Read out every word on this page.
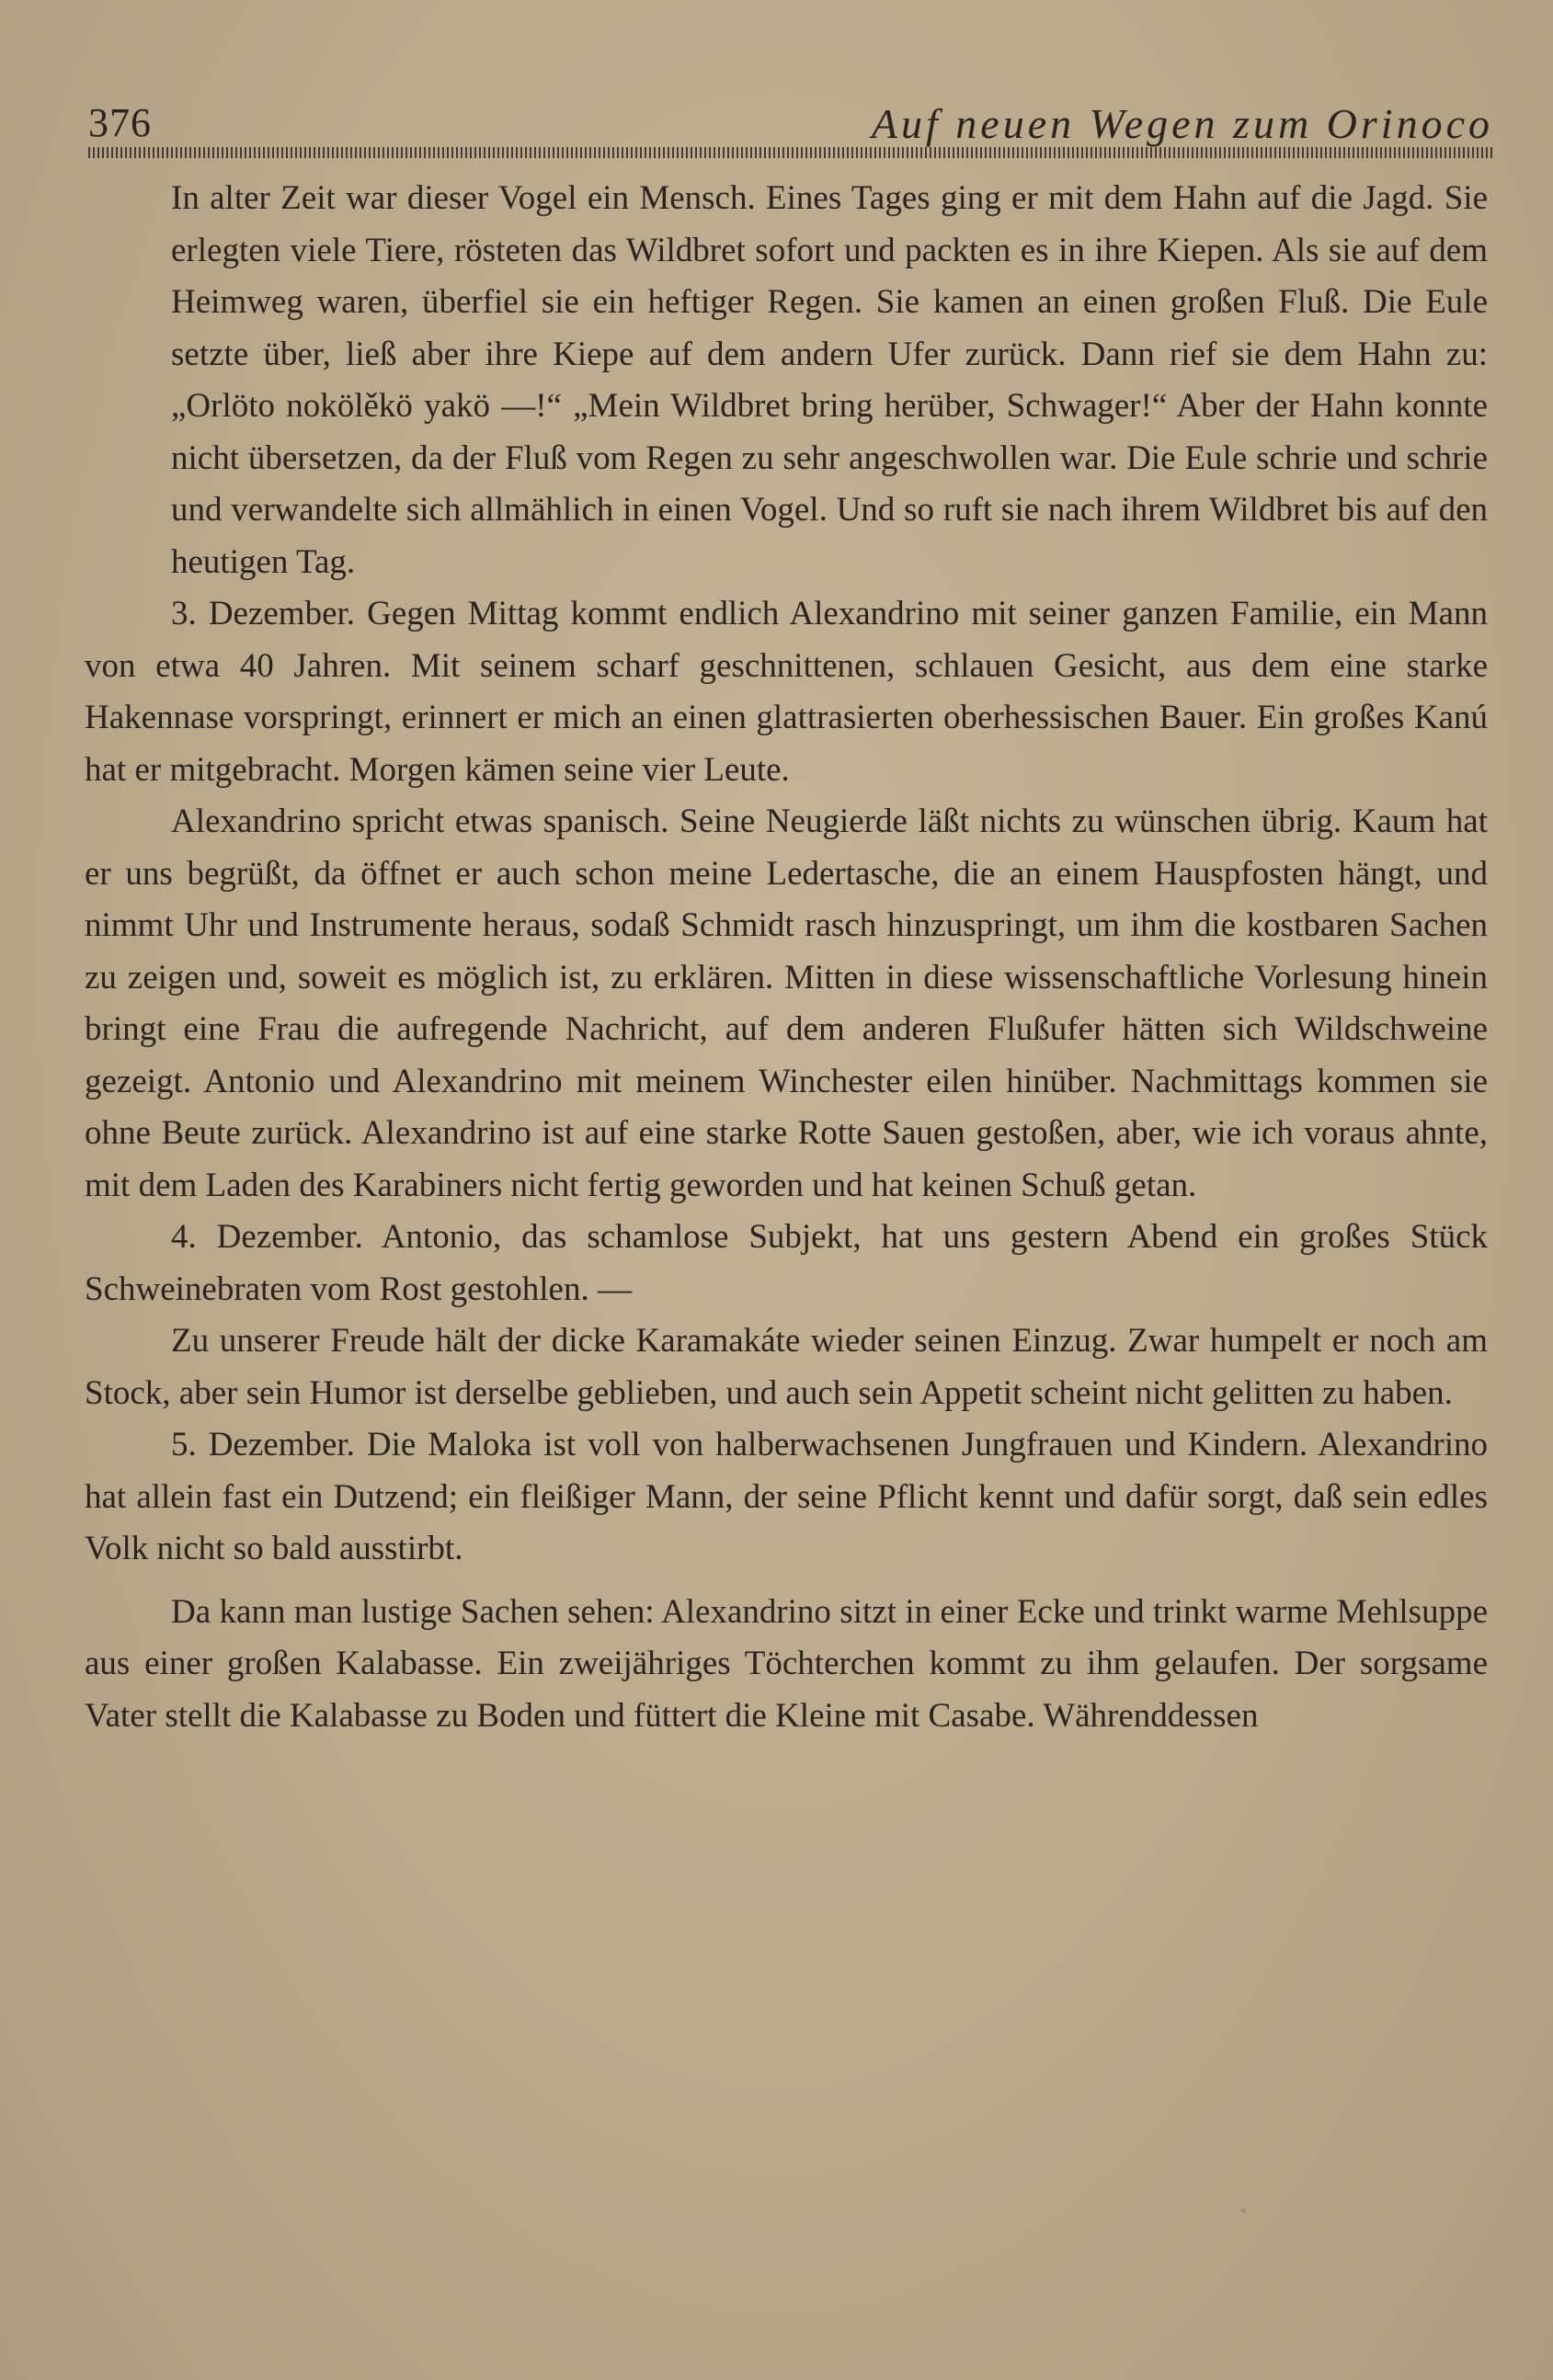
376	Auf neuen Wegen zum Orinoco

In alter Zeit war dieser Vogel ein Mensch. Eines Tages ging er mit dem Hahn auf die Jagd. Sie erlegten viele Tiere, rösteten das Wildbret sofort und packten es in ihre Kiepen. Als sie auf dem Heimweg waren, überfiel sie ein heftiger Regen. Sie kamen an einen großen Fluß. Die Eule setzte über, ließ aber ihre Kiepe auf dem andern Ufer zurück. Dann rief sie dem Hahn zu: „Orlöto nokölěkö yakö —!“ „Mein Wildbret bring herüber, Schwager!“ Aber der Hahn konnte nicht übersetzen, da der Fluß vom Regen zu sehr angeschwollen war. Die Eule schrie und schrie und verwandelte sich allmählich in einen Vogel. Und so ruft sie nach ihrem Wildbret bis auf den heutigen Tag.

3. Dezember. Gegen Mittag kommt endlich Alexandrino mit seiner ganzen Familie, ein Mann von etwa 40 Jahren. Mit seinem scharf geschnittenen, schlauen Gesicht, aus dem eine starke Hakennase vorspringt, erinnert er mich an einen glattrasierten oberhessischen Bauer. Ein großes Kanú hat er mitgebracht. Morgen kämen seine vier Leute.

Alexandrino spricht etwas spanisch. Seine Neugierde läßt nichts zu wünschen übrig. Kaum hat er uns begrüßt, da öffnet er auch schon meine Ledertasche, die an einem Hauspfosten hängt, und nimmt Uhr und Instrumente heraus, sodaß Schmidt rasch hinzuspringt, um ihm die kostbaren Sachen zu zeigen und, soweit es möglich ist, zu erklären. Mitten in diese wissenschaftliche Vorlesung hinein bringt eine Frau die aufregende Nachricht, auf dem anderen Flußufer hätten sich Wildschweine gezeigt. Antonio und Alexandrino mit meinem Winchester eilen hinüber. Nachmittags kommen sie ohne Beute zurück. Alexandrino ist auf eine starke Rotte Sauen gestoßen, aber, wie ich voraus ahnte, mit dem Laden des Karabiners nicht fertig geworden und hat keinen Schuß getan.

4. Dezember. Antonio, das schamlose Subjekt, hat uns gestern Abend ein großes Stück Schweinebraten vom Rost gestohlen. —

Zu unserer Freude hält der dicke Karamakáte wieder seinen Einzug. Zwar humpelt er noch am Stock, aber sein Humor ist derselbe geblieben, und auch sein Appetit scheint nicht gelitten zu haben.

5. Dezember. Die Maloka ist voll von halberwachsenen Jungfrauen und Kindern. Alexandrino hat allein fast ein Dutzend; ein fleißiger Mann, der seine Pflicht kennt und dafür sorgt, daß sein edles Volk nicht so bald ausstirbt.

Da kann man lustige Sachen sehen: Alexandrino sitzt in einer Ecke und trinkt warme Mehlsuppe aus einer großen Kalabasse. Ein zweijähriges Töchterchen kommt zu ihm gelaufen. Der sorgsame Vater stellt die Kalabasse zu Boden und füttert die Kleine mit Casabe. Währenddessen
